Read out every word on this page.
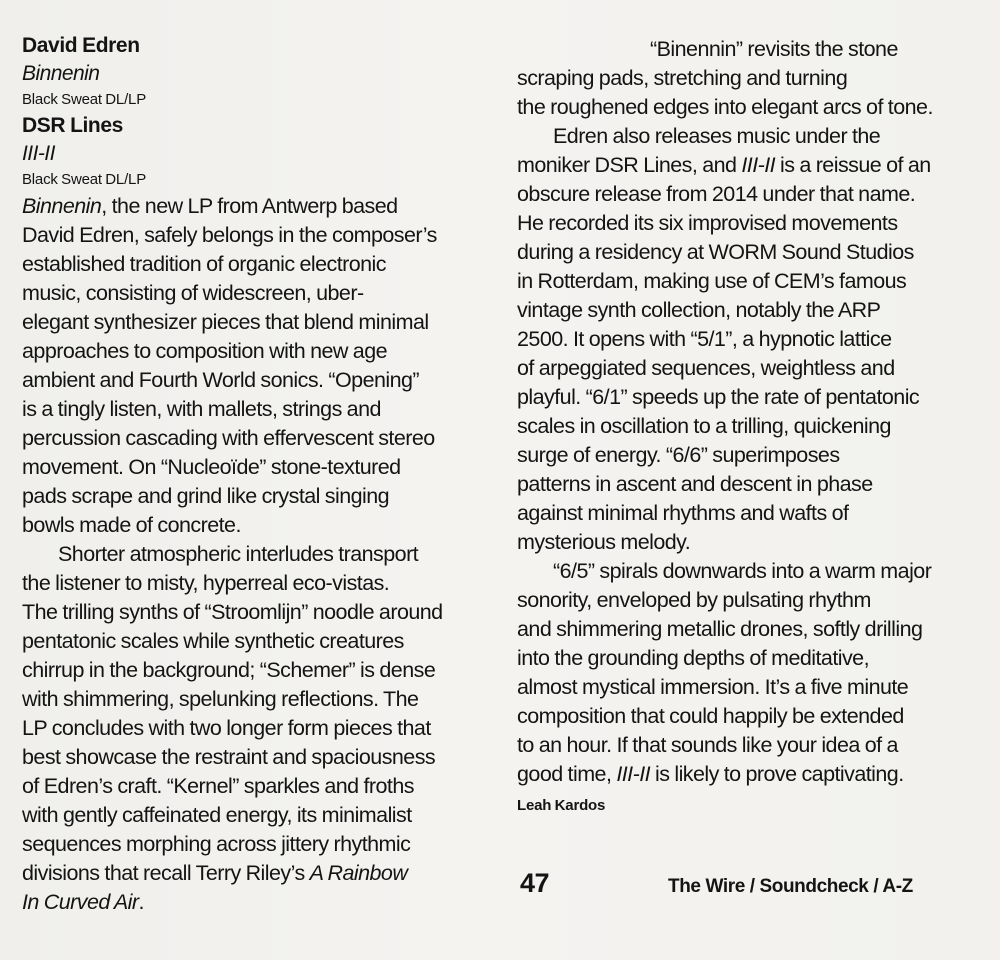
David Edren
Binnenin
Black Sweat DL/LP
DSR Lines
III-II
Black Sweat DL/LP

Binnenin, the new LP from Antwerp based
David Edren, safely belongs in the composer’s
established tradition of organic electronic
music, consisting of widescreen, uber-
elegant synthesizer pieces that blend minimal
approaches to composition with new age
ambient and Fourth World sonics. “Opening”
is a tingly listen, with mallets, strings and
percussion cascading with effervescent stereo
movement. On “Nucleoïde” stone-textured
pads scrape and grind like crystal singing
bowls made of concrete.

Shorter atmospheric interludes transport
the listener to misty, hyperreal eco-vistas.
The trilling synths of “Stroomlijn” noodle around
pentatonic scales while synthetic creatures
chirrup in the background; “Schemer” is dense
with shimmering, spelunking reflections. The
LP concludes with two longer form pieces that
best showcase the restraint and spaciousness
of Edren’s craft. “Kernel” sparkles and froths
with gently caffeinated energy, its minimalist
sequences morphing across jittery rhythmic
divisions that recall Terry Riley’s A Rainbow
In Curved Air.

“Binennin” revisits the stone
scraping pads, stretching and turning
the roughened edges into elegant arcs of tone.

Edren also releases music under the
moniker DSR Lines, and III-II is a reissue of an
obscure release from 2014 under that name.
He recorded its six improvised movements
during a residency at WORM Sound Studios
in Rotterdam, making use of CEM’s famous
vintage synth collection, notably the ARP
2500. It opens with “5/1”, a hypnotic lattice
of arpeggiated sequences, weightless and
playful. “6/1” speeds up the rate of pentatonic
scales in oscillation to a trilling, quickening
surge of energy. “6/6” superimposes
patterns in ascent and descent in phase
against minimal rhythms and wafts of
mysterious melody.

“6/5” spirals downwards into a warm major
sonority, enveloped by pulsating rhythm
and shimmering metallic drones, softly drilling
into the grounding depths of meditative,
almost mystical immersion. It’s a five minute
composition that could happily be extended
to an hour. If that sounds like your idea of a
good time, III-II is likely to prove captivating.

Leah Kardos
47	The Wire / Soundcheck / A-Z
